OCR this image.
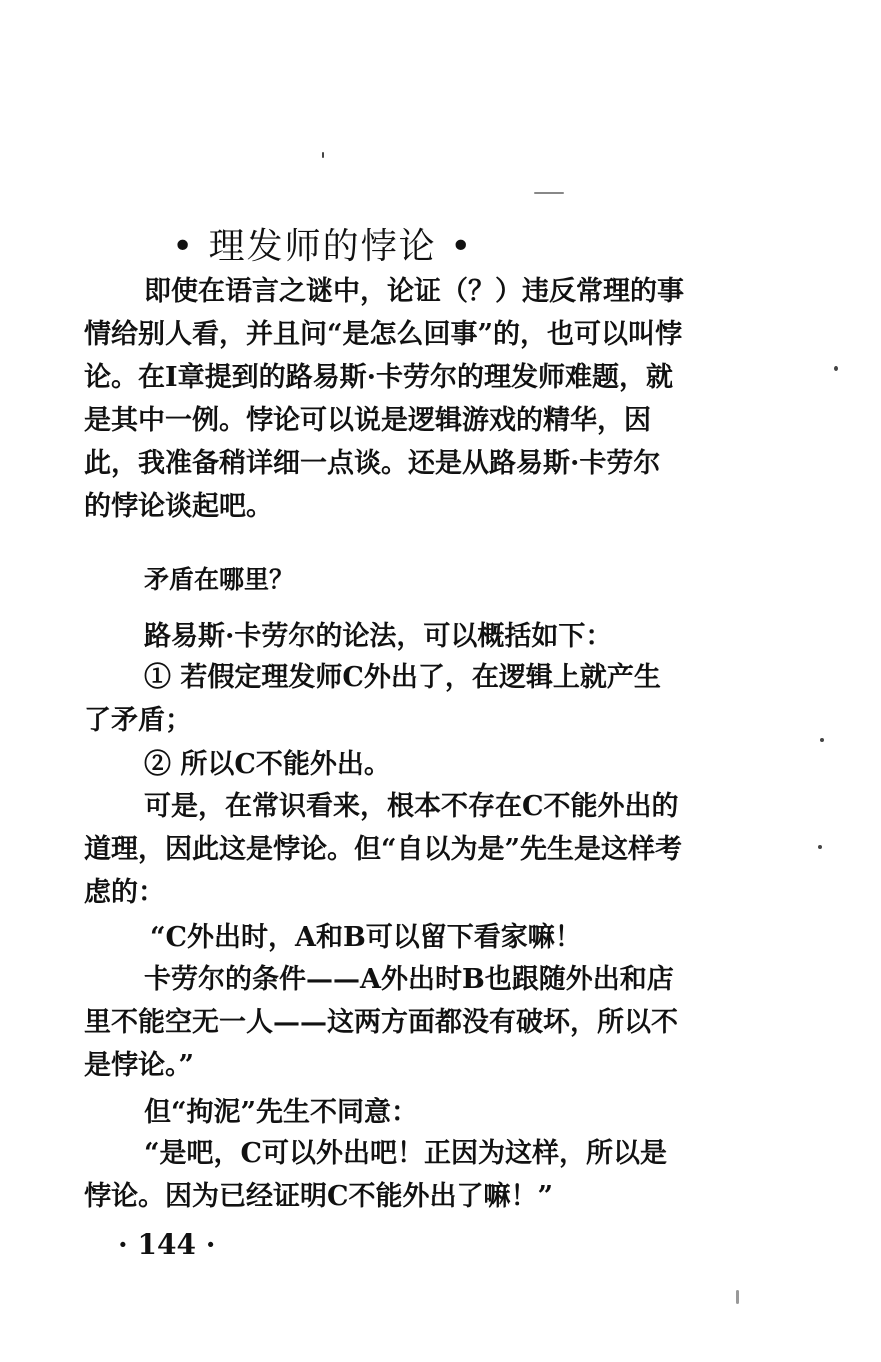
• 理发师的悖论 •

即使在语言之谜中，论证（？）违反常理的事情给别人看，并且问“是怎么回事”的，也可以叫悖论。在Ⅰ章提到的路易斯·卡劳尔的理发师难题，就是其中一例。悖论可以说是逻辑游戏的精华，因此，我准备稍详细一点谈。还是从路易斯·卡劳尔的悖论谈起吧。

矛盾在哪里？
路易斯·卡劳尔的论法，可以概括如下：

① 若假定理发师C外出了，在逻辑上就产生了矛盾；

② 所以C不能外出。

可是，在常识看来，根本不存在C不能外出的道理，因此这是悖论。但“自以为是”先生是这样考虑的：

“C外出时，A和B可以留下看家嘛！

卡劳尔的条件——A外出时B也跟随外出和店里不能空无一人——这两方面都没有破坏，所以不是悖论。”

但“拘泥”先生不同意：

“是吧，C可以外出吧！正因为这样，所以是悖论。因为已经证明C不能外出了嘛！”

· 144 ·
